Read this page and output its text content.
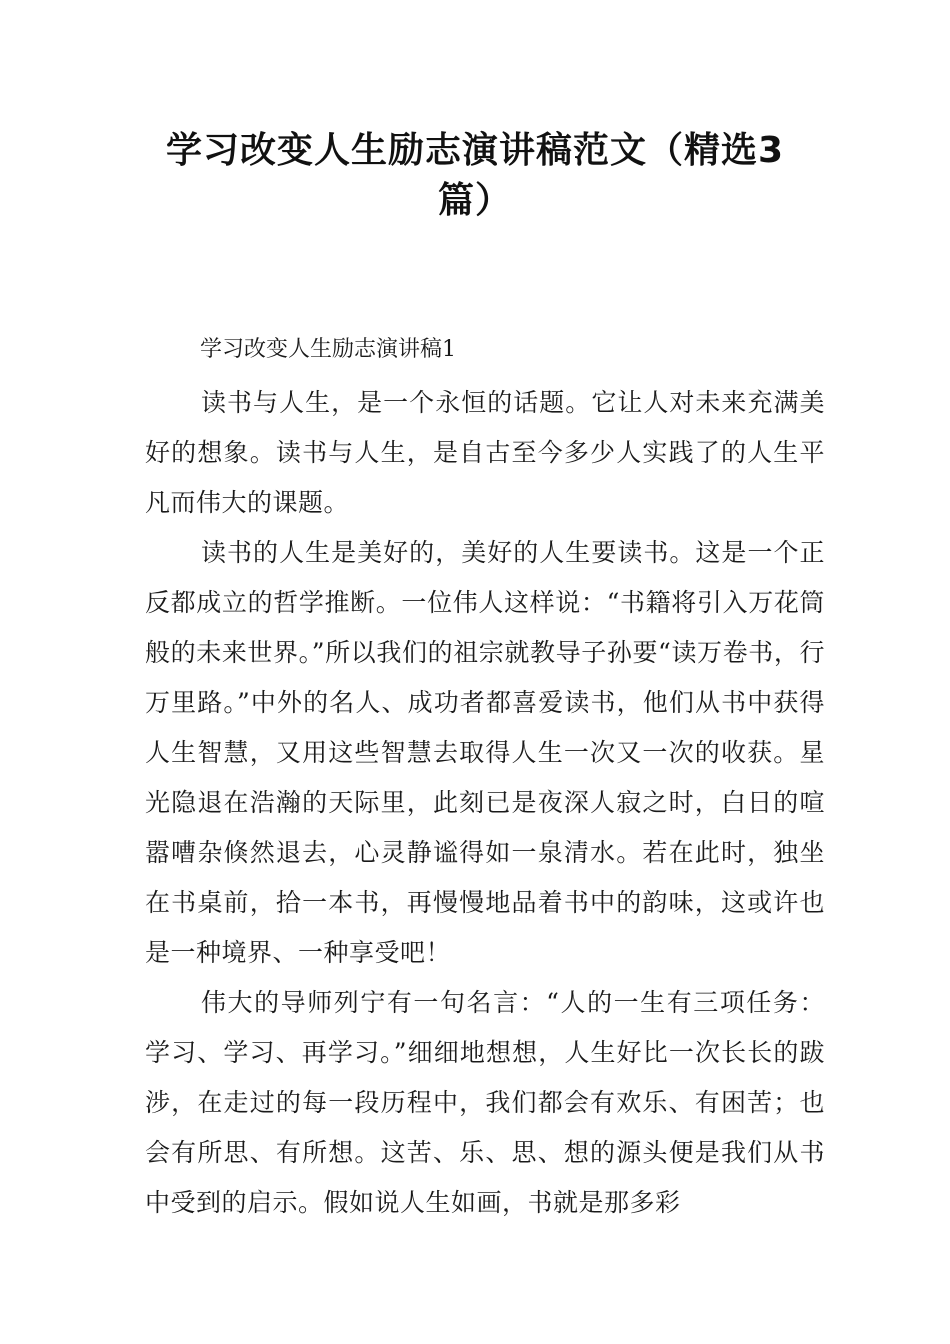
学习改变人生励志演讲稿范文（精选3篇）
学习改变人生励志演讲稿1

读书与人生，是一个永恒的话题。它让人对未来充满美好的想象。读书与人生，是自古至今多少人实践了的人生平凡而伟大的课题。

读书的人生是美好的，美好的人生要读书。这是一个正反都成立的哲学推断。一位伟人这样说：“书籍将引入万花筒般的未来世界。”所以我们的祖宗就教导子孙要“读万卷书，行万里路。”中外的名人、成功者都喜爱读书，他们从书中获得人生智慧，又用这些智慧去取得人生一次又一次的收获。星光隐退在浩瀚的天际里，此刻已是夜深人寂之时，白日的喧嚣嘈杂倏然退去，心灵静谧得如一泉清水。若在此时，独坐在书桌前，拾一本书，再慢慢地品着书中的韵味，这或许也是一种境界、一种享受吧！

伟大的导师列宁有一句名言：“人的一生有三项任务：学习、学习、再学习。”细细地想想，人生好比一次长长的跋涉，在走过的每一段历程中，我们都会有欢乐、有困苦；也会有所思、有所想。这苦、乐、思、想的源头便是我们从书中受到的启示。假如说人生如画，书就是那多彩
